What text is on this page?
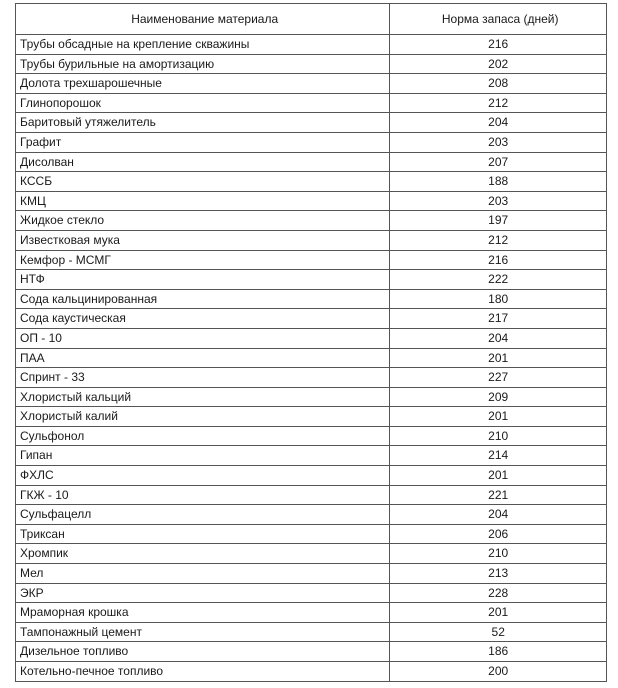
Наименование материала	Норма запаса (дней)
Трубы обсадные на крепление скважины	216
Трубы бурильные на амортизацию	202
Долота трехшарошечные	208
Глинопорошок	212
Баритовый утяжелитель	204
Графит	203
Дисолван	207
КССБ	188
КМЦ	203
Жидкое стекло	197
Известковая мука	212
Кемфор - МСМГ	216
НТФ	222
Сода кальцинированная	180
Сода каустическая	217
ОП - 10	204
ПАА	201
Спринт - 33	227
Хлористый кальций	209
Хлористый калий	201
Сульфонол	210
Гипан	214
ФХЛС	201
ГКЖ - 10	221
Сульфацелл	204
Триксан	206
Хромпик	210
Мел	213
ЭКР	228
Мраморная крошка	201
Тампонажный цемент	52
Дизельное топливо	186
Котельно-печное топливо	200
